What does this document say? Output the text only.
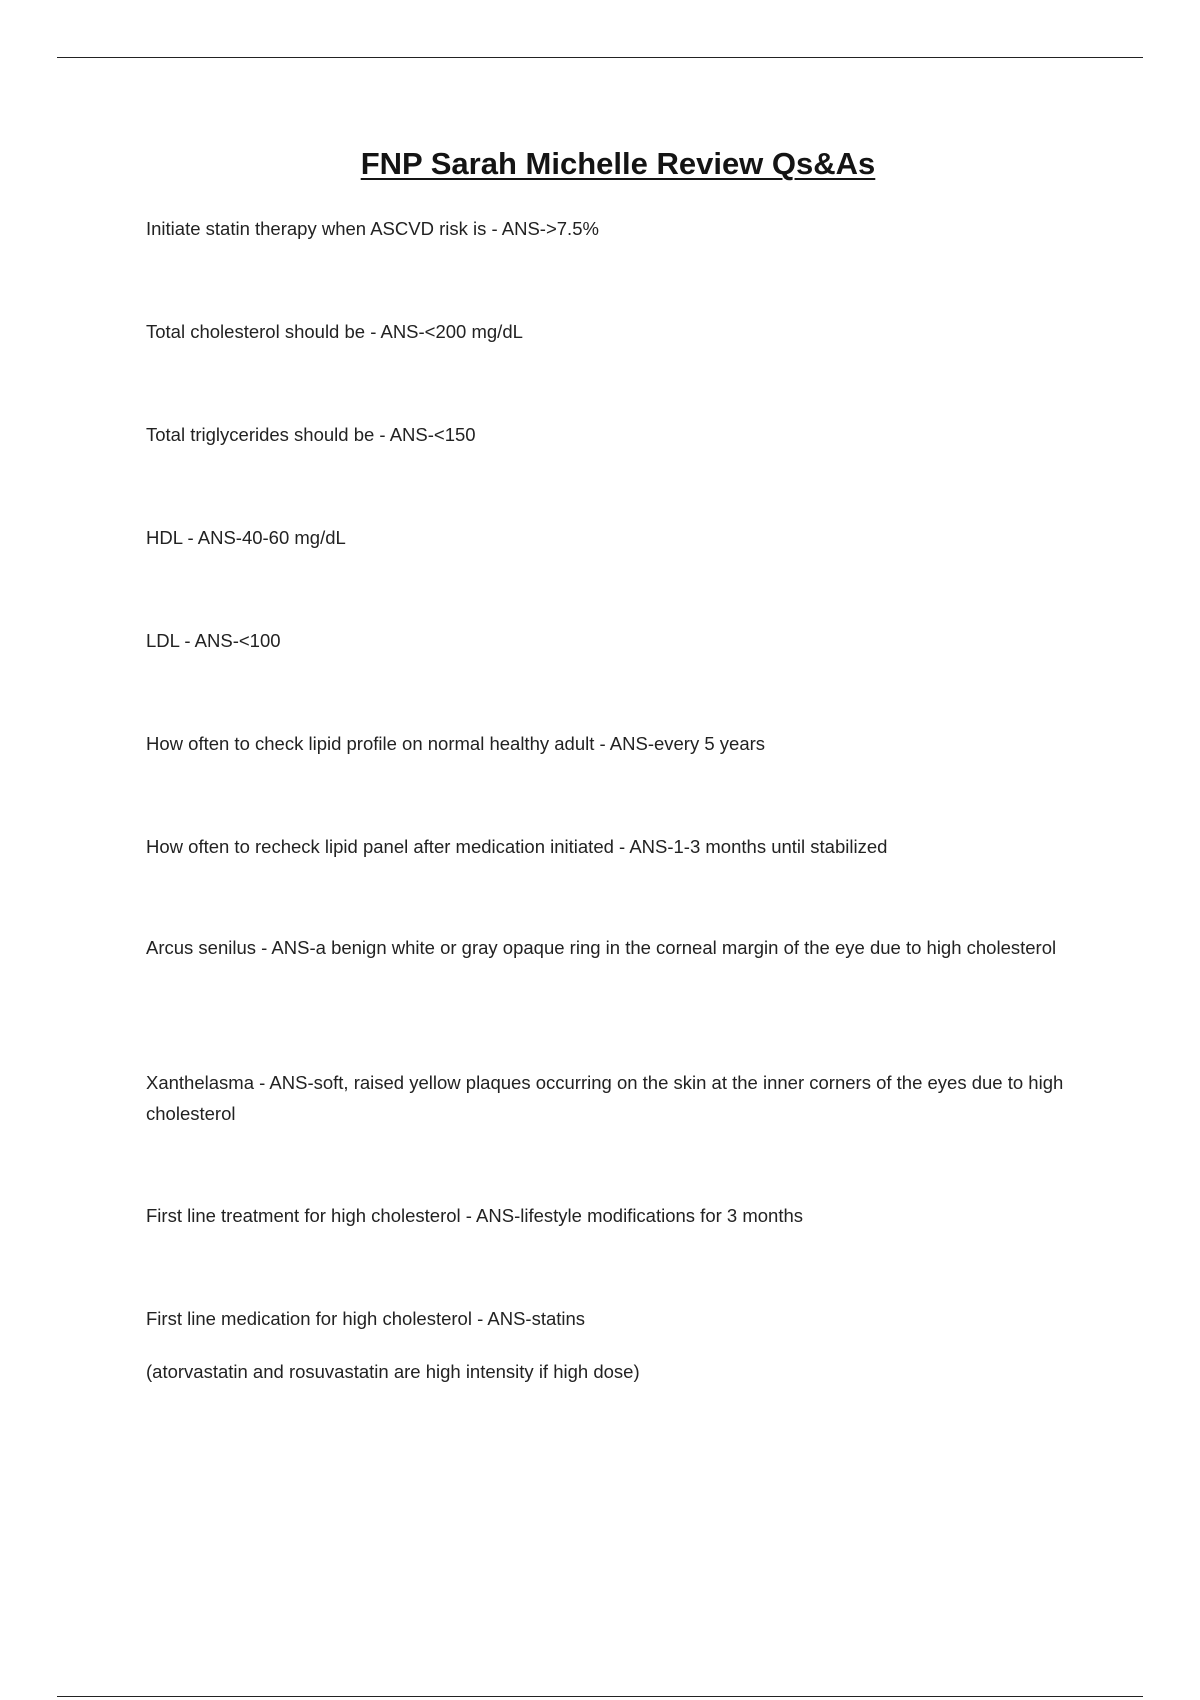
FNP Sarah Michelle Review Qs&As

Initiate statin therapy when ASCVD risk is - ANS->7.5%

Total cholesterol should be - ANS-<200 mg/dL

Total triglycerides should be - ANS-<150

HDL - ANS-40-60 mg/dL

LDL - ANS-<100

How often to check lipid profile on normal healthy adult - ANS-every 5 years

How often to recheck lipid panel after medication initiated - ANS-1-3 months until stabilized

Arcus senilus - ANS-a benign white or gray opaque ring in the corneal margin of the eye due to high cholesterol

Xanthelasma - ANS-soft, raised yellow plaques occurring on the skin at the inner corners of the eyes due to high cholesterol

First line treatment for high cholesterol - ANS-lifestyle modifications for 3 months

First line medication for high cholesterol - ANS-statins

(atorvastatin and rosuvastatin are high intensity if high dose)
